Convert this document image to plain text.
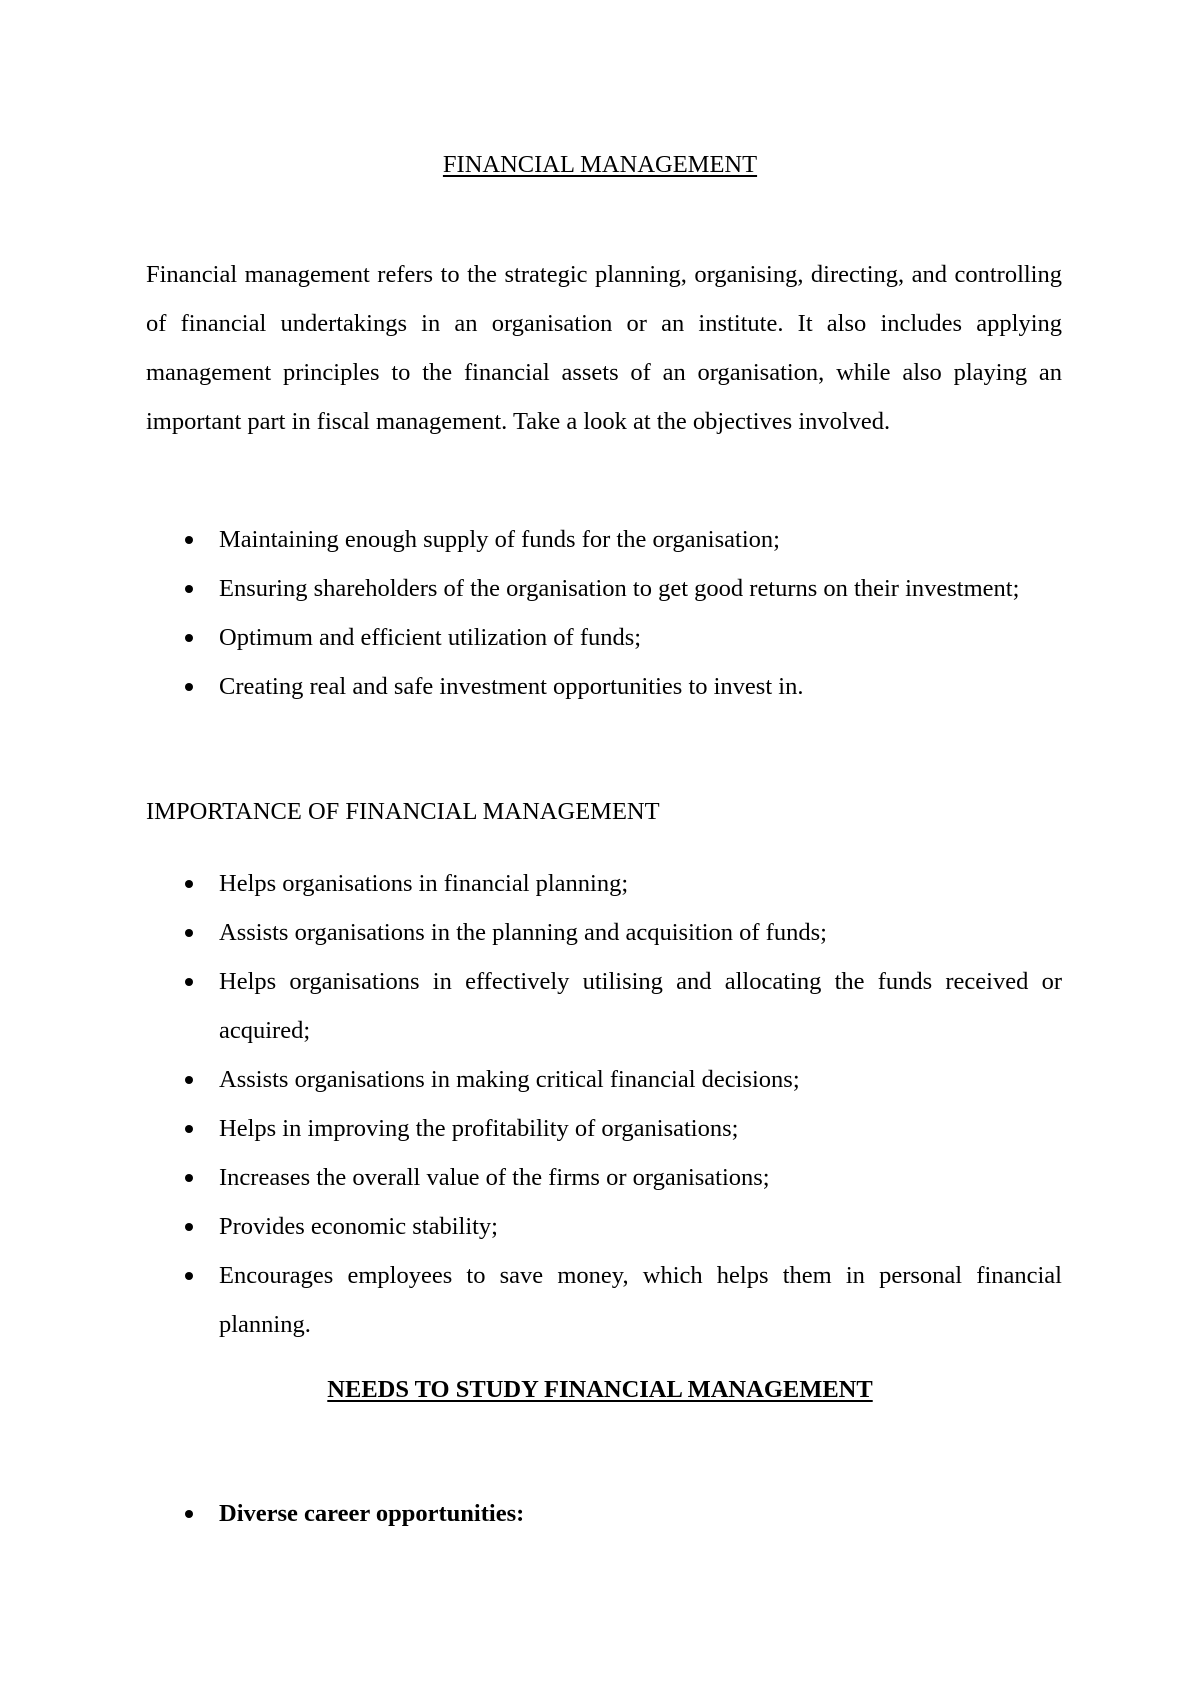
FINANCIAL MANAGEMENT

Financial management refers to the strategic planning, organising, directing, and controlling of financial undertakings in an organisation or an institute. It also includes applying management principles to the financial assets of an organisation, while also playing an important part in fiscal management. Take a look at the objectives involved.

Maintaining enough supply of funds for the organisation;
Ensuring shareholders of the organisation to get good returns on their investment;
Optimum and efficient utilization of funds;
Creating real and safe investment opportunities to invest in.

IMPORTANCE OF FINANCIAL MANAGEMENT

Helps organisations in financial planning;
Assists organisations in the planning and acquisition of funds;
Helps organisations in effectively utilising and allocating the funds received or acquired;
Assists organisations in making critical financial decisions;
Helps in improving the profitability of organisations;
Increases the overall value of the firms or organisations;
Provides economic stability;
Encourages employees to save money, which helps them in personal financial planning.
NEEDS TO STUDY FINANCIAL MANAGEMENT
Diverse career opportunities:
